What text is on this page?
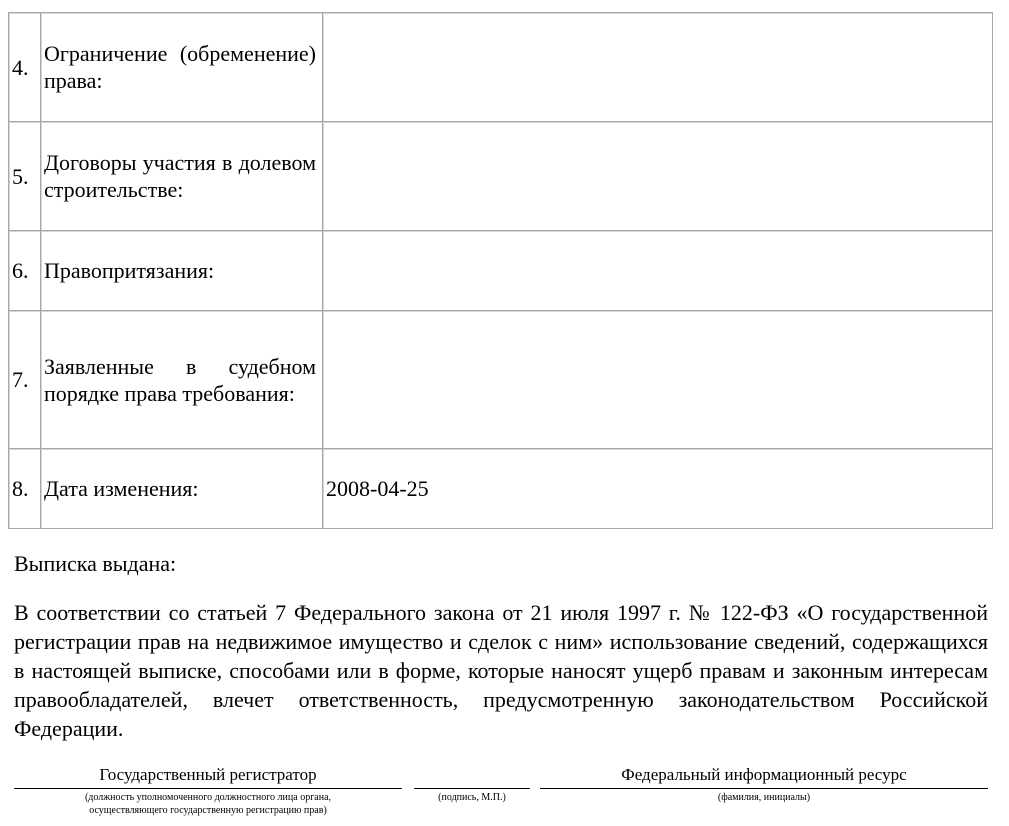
4.	Ограничение (обременение) права:	
5.	Договоры участия в долевом строительстве:	
6.	Правопритязания:	
7.	Заявленные в судебном порядке права требования:	
8.	Дата изменения:	2008-04-25
Выписка выдана:
В соответствии со статьей 7 Федерального закона от 21 июля 1997 г. № 122-ФЗ «О государственной регистрации прав на недвижимое имущество и сделок с ним» использование сведений, содержащихся в настоящей выписке, способами или в форме, которые наносят ущерб правам и законным интересам правообладателей, влечет ответственность, предусмотренную законодательством Российской Федерации.
Государственный регистратор
(должность уполномоченного должностного лица органа,
осуществляющего государственную регистрацию прав)
(подпись, М.П.)
Федеральный информационный ресурс
(фамилия, инициалы)
